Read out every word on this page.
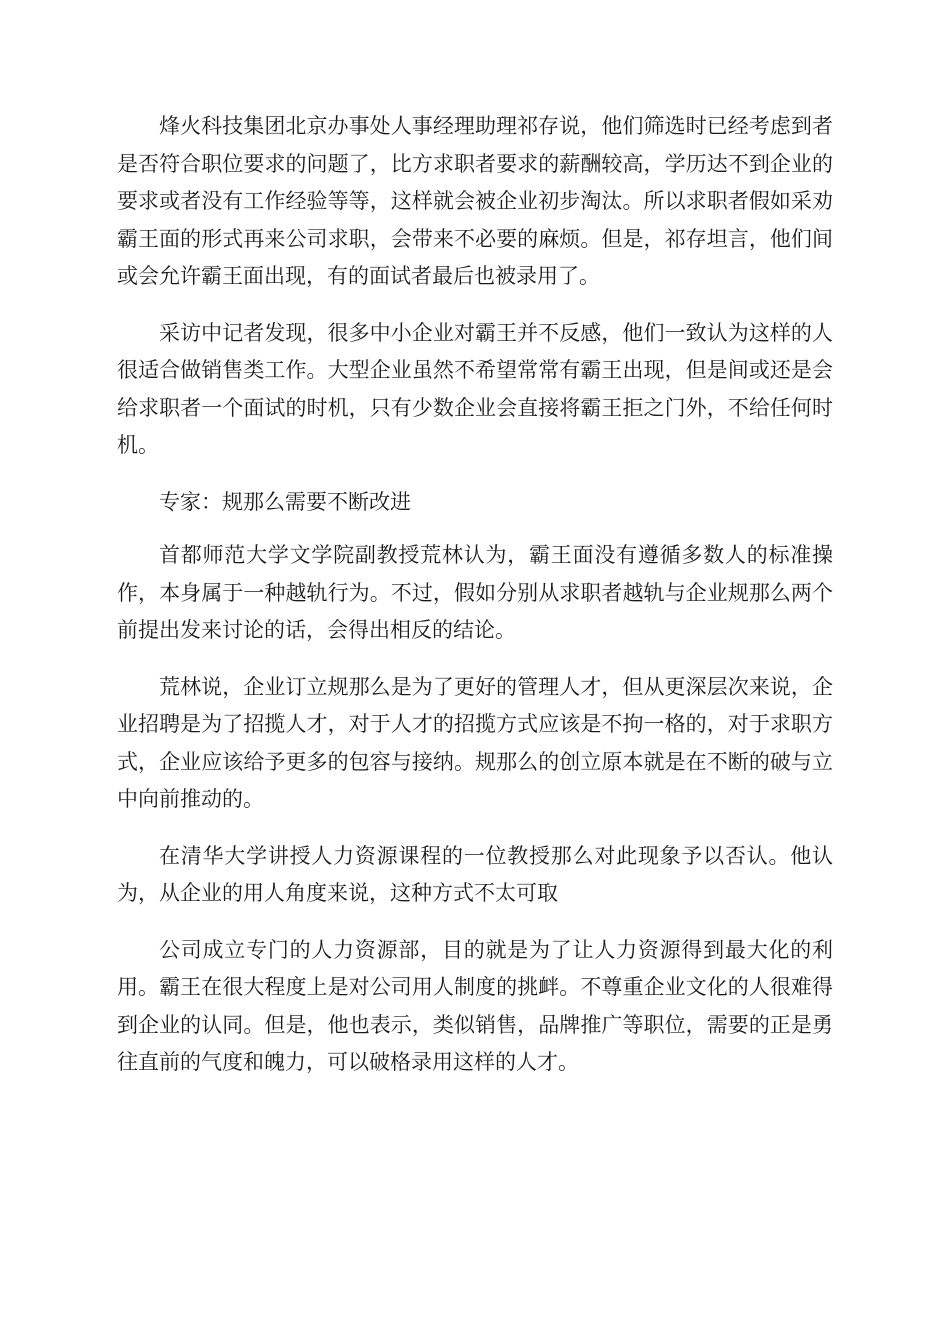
烽火科技集团北京办事处人事经理助理祁存说，他们筛选时已经考虑到者是否符合职位要求的问题了，比方求职者要求的薪酬较高，学历达不到企业的要求或者没有工作经验等等，这样就会被企业初步淘汰。所以求职者假如采劝霸王面的形式再来公司求职，会带来不必要的麻烦。但是，祁存坦言，他们间或会允许霸王面出现，有的面试者最后也被录用了。

采访中记者发现，很多中小企业对霸王并不反感，他们一致认为这样的人很适合做销售类工作。大型企业虽然不希望常常有霸王出现，但是间或还是会给求职者一个面试的时机，只有少数企业会直接将霸王拒之门外，不给任何时机。

专家：规那么需要不断改进

首都师范大学文学院副教授荒林认为，霸王面没有遵循多数人的标准操作，本身属于一种越轨行为。不过，假如分别从求职者越轨与企业规那么两个前提出发来讨论的话，会得出相反的结论。

荒林说，企业订立规那么是为了更好的管理人才，但从更深层次来说，企业招聘是为了招揽人才，对于人才的招揽方式应该是不拘一格的，对于求职方式，企业应该给予更多的包容与接纳。规那么的创立原本就是在不断的破与立中向前推动的。

在清华大学讲授人力资源课程的一位教授那么对此现象予以否认。他认为，从企业的用人角度来说，这种方式不太可取

公司成立专门的人力资源部，目的就是为了让人力资源得到最大化的利用。霸王在很大程度上是对公司用人制度的挑衅。不尊重企业文化的人很难得到企业的认同。但是，他也表示，类似销售，品牌推广等职位，需要的正是勇往直前的气度和魄力，可以破格录用这样的人才。
